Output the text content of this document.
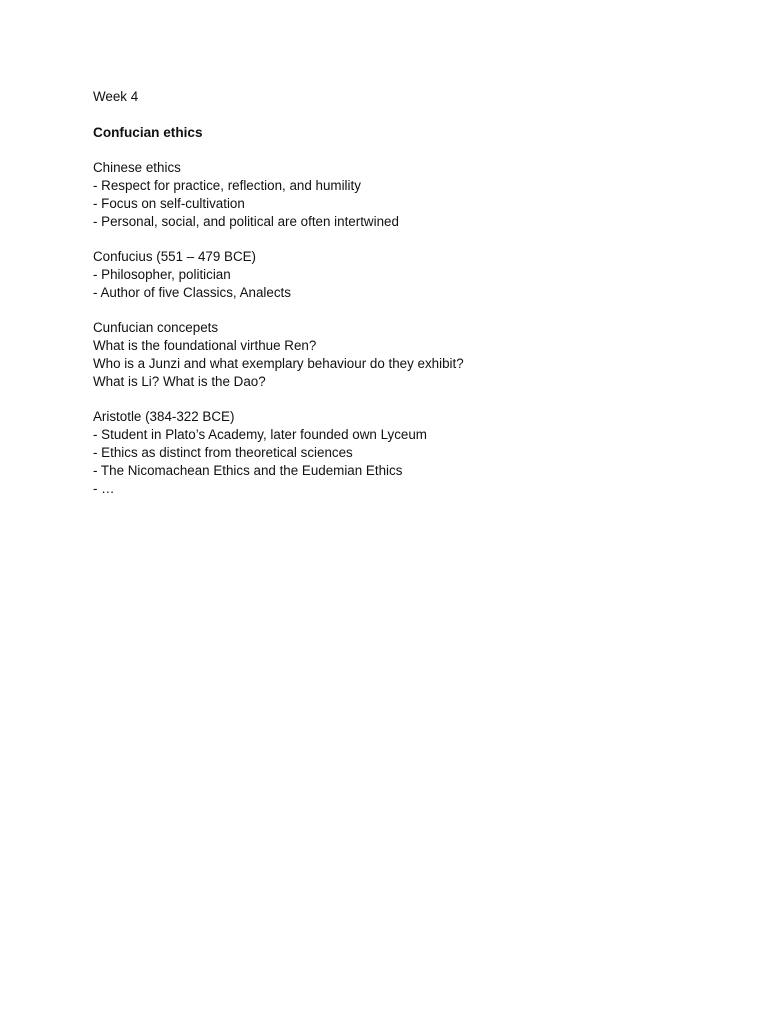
Week 4
Confucian ethics
Chinese ethics
- Respect for practice, reflection, and humility
- Focus on self-cultivation
- Personal, social, and political are often intertwined
Confucius (551 – 479 BCE)
- Philosopher, politician
- Author of five Classics, Analects
Cunfucian concepets
What is the foundational virthue Ren?
Who is a Junzi and what exemplary behaviour do they exhibit?
What is Li? What is the Dao?
Aristotle (384-322 BCE)
- Student in Plato’s Academy, later founded own Lyceum
- Ethics as distinct from theoretical sciences
- The Nicomachean Ethics and the Eudemian Ethics
- …
